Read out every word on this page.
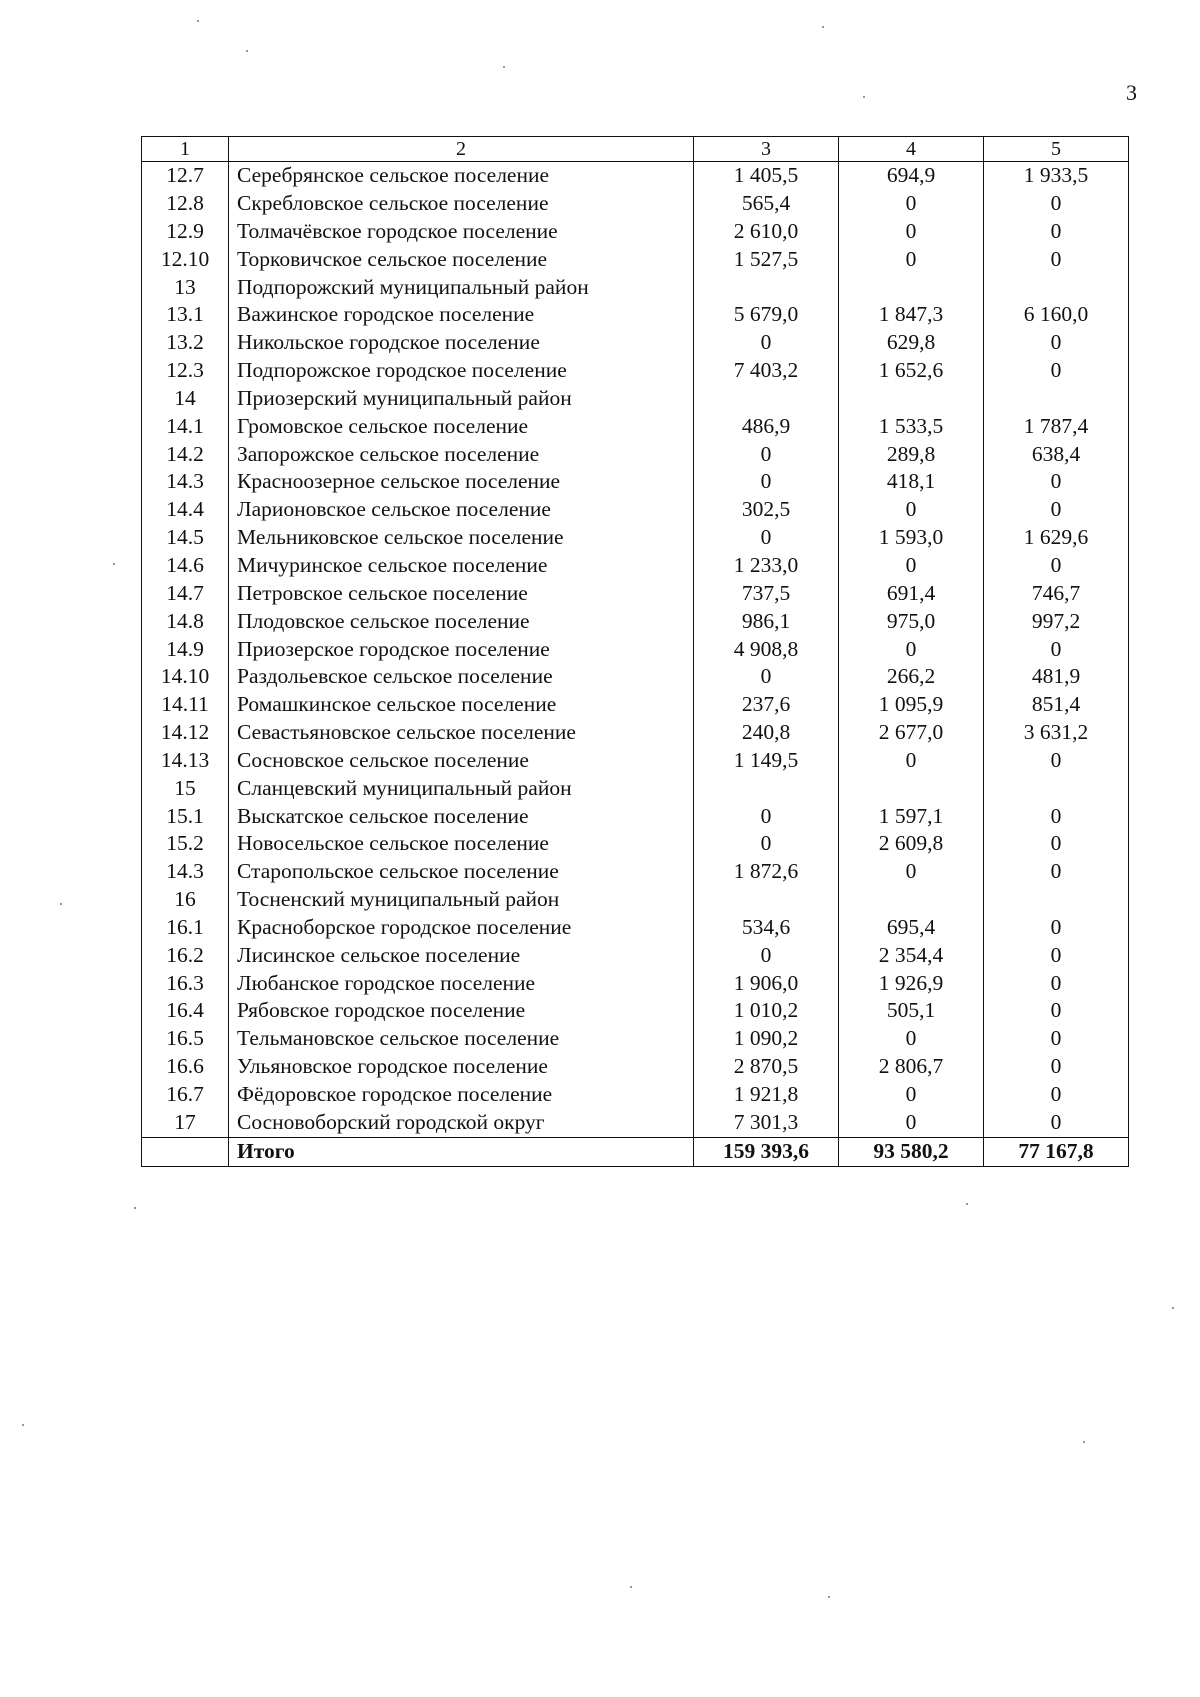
3
1	2	3	4	5
12.7	Серебрянское сельское поселение	1 405,5	694,9	1 933,5
12.8	Скребловское сельское поселение	565,4	0	0
12.9	Толмачёвское городское поселение	2 610,0	0	0
12.10	Торковичское сельское поселение	1 527,5	0	0
13	Подпорожский муниципальный район			
13.1	Важинское городское поселение	5 679,0	1 847,3	6 160,0
13.2	Никольское городское поселение	0	629,8	0
12.3	Подпорожское городское поселение	7 403,2	1 652,6	0
14	Приозерский муниципальный район			
14.1	Громовское сельское поселение	486,9	1 533,5	1 787,4
14.2	Запорожское сельское поселение	0	289,8	638,4
14.3	Красноозерное сельское поселение	0	418,1	0
14.4	Ларионовское сельское поселение	302,5	0	0
14.5	Мельниковское сельское поселение	0	1 593,0	1 629,6
14.6	Мичуринское сельское поселение	1 233,0	0	0
14.7	Петровское сельское поселение	737,5	691,4	746,7
14.8	Плодовское сельское поселение	986,1	975,0	997,2
14.9	Приозерское городское поселение	4 908,8	0	0
14.10	Раздольевское сельское поселение	0	266,2	481,9
14.11	Ромашкинское сельское поселение	237,6	1 095,9	851,4
14.12	Севастьяновское сельское поселение	240,8	2 677,0	3 631,2
14.13	Сосновское сельское поселение	1 149,5	0	0
15	Сланцевский муниципальный район			
15.1	Выскатское сельское поселение	0	1 597,1	0
15.2	Новосельское сельское поселение	0	2 609,8	0
14.3	Старопольское сельское поселение	1 872,6	0	0
16	Тосненский муниципальный район			
16.1	Красноборское городское поселение	534,6	695,4	0
16.2	Лисинское сельское поселение	0	2 354,4	0
16.3	Любанское городское поселение	1 906,0	1 926,9	0
16.4	Рябовское городское поселение	1 010,2	505,1	0
16.5	Тельмановское сельское поселение	1 090,2	0	0
16.6	Ульяновское городское поселение	2 870,5	2 806,7	0
16.7	Фёдоровское городское поселение	1 921,8	0	0
17	Сосновоборский городской округ	7 301,3	0	0
	Итого	159 393,6	93 580,2	77 167,8
